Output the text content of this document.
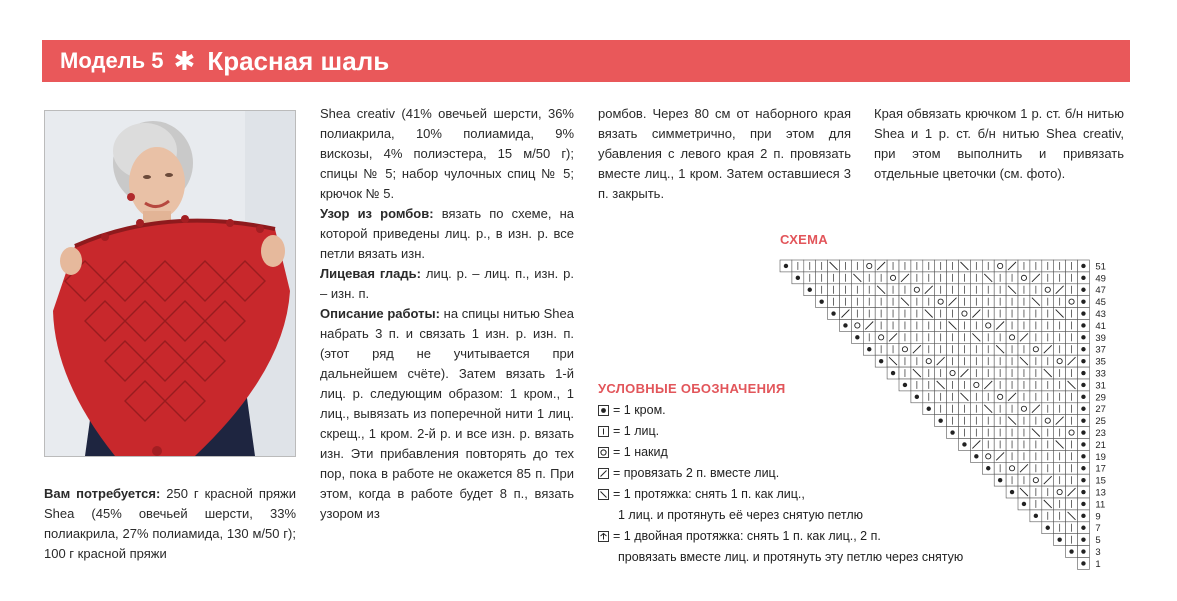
Модель 5 ✱ Красная шаль

Вам потребуется: 250 г красной пряжи Shea (45% овечьей шерсти, 33% полиакрила, 27% полиамида, 130 м/50 г); 100 г красной пряжи

Shea creativ (41% овечьей шерсти, 36% полиакрила, 10% полиамида, 9% вискозы, 4% полиэстера, 15 м/50 г); спицы № 5; набор чулочных спиц № 5; крючок № 5.

Узор из ромбов: вязать по схеме, на которой приведены лиц. р., в изн. р. все петли вязать изн.

Лицевая гладь: лиц. р. – лиц. п., изн. р. – изн. п.

Описание работы: на спицы нитью Shea набрать 3 п. и связать 1 изн. р. изн. п. (этот ряд не учитывается при дальнейшем счёте). Затем вязать 1-й лиц. р. следующим образом: 1 кром., 1 лиц., вывязать из поперечной нити 1 лиц. скрещ., 1 кром. 2-й р. и все изн. р. вязать изн. Эти прибавления повторять до тех пор, пока в работе не окажется 85 п. При этом, когда в работе будет 8 п., вязать узором из

ромбов. Через 80 см от наборного края вязать симметрично, при этом для убавления с левого края 2 п. провязать вместе лиц., 1 кром. Затем оставшиеся 3 п. закрыть.

Края обвязать крючком 1 р. ст. б/н нитью Shea и 1 р. ст. б/н нитью Shea creativ, при этом выполнить и привязать отдельные цветочки (см. фото).

СХЕМА
51
49
47
45
43
41
39
37
35
33
31
29
27
25
23
21
19
17
15
13
11
9
7
5
3
1
УСЛОВНЫЕ ОБОЗНАЧЕНИЯ
= 1 кром.
= 1 лиц.
= 1 накид
= провязать 2 п. вместе лиц.
= 1 протяжка: снять 1 п. как лиц.,
1 лиц. и протянуть её через снятую петлю
= 1 двойная протяжка: снять 1 п. как лиц., 2 п.
провязать вместе лиц. и протянуть эту петлю через снятую
